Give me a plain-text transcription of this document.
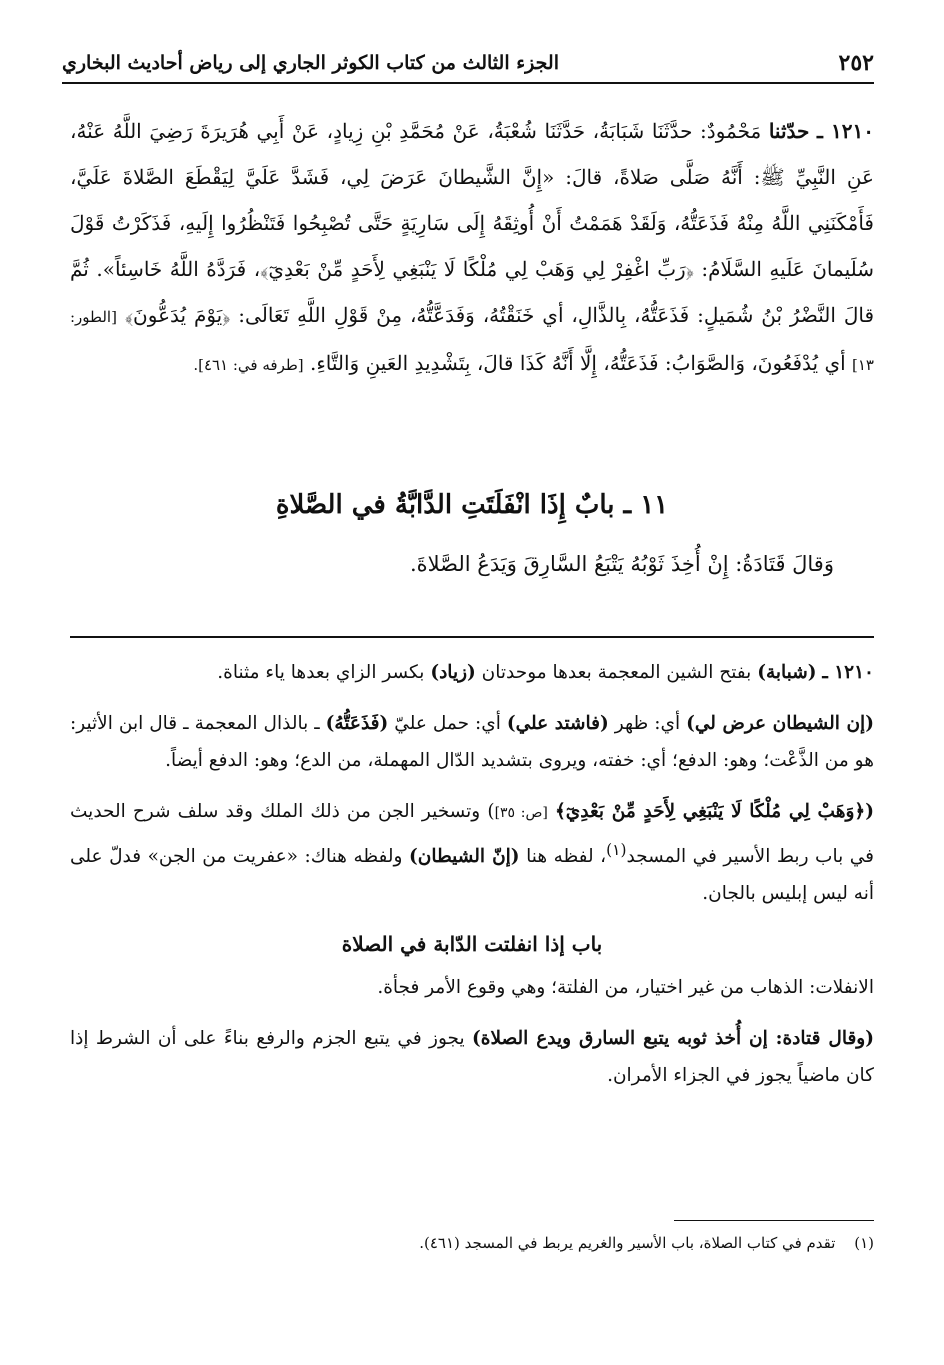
٢٥٢
الجزء الثالث من كتاب الكوثر الجاري إلى رياض أحاديث البخاري
١٢١٠ ـ حدّثنا مَحْمُودٌ: حدَّثَنَا شَبَابَةُ، حَدَّثَنَا شُعْبَةُ، عَنْ مُحَمَّدِ بْنِ زِيادٍ، عَنْ أَبِي هُرَيرَةَ رَضِيَ اللَّهُ عَنْهُ، عَنِ النَّبِيِّ ﷺ: أَنَّهُ صَلَّى صَلاةً، قالَ: «إِنَّ الشَّيطانَ عَرَضَ لِي، فَشَدَّ عَلَيَّ لِيَقْطَعَ الصَّلاةَ عَلَيَّ، فَأَمْكَنَنِي اللَّهُ مِنْهُ فَذَعَتُّهُ، وَلَقَدْ هَمَمْتُ أَنْ أُوثِقَهُ إِلَى سَارِيَةٍ حَتَّى تُصْبِحُوا فَتَنْظُرُوا إِلَيهِ، فَذَكَرْتُ قَوْلَ سُلَيمانَ عَلَيهِ السَّلَامُ: ﴿رَبِّ اغْفِرْ لِي وَهَبْ لِي مُلْكًا لَا يَنْبَغِي لِأَحَدٍ مِّنْ بَعْدِيٓ﴾، فَرَدَّهُ اللَّهُ خَاسِئاً». ثُمَّ قالَ النَّضْرُ بْنُ شُمَيلٍ: فَذَعَتُّهُ، بِالذَّالِ، أي خَنَقْتُهُ، وَفَدَعَّتُّهُ، مِنْ قَوْلِ اللَّهِ تَعَالَى: ﴿يَوْمَ يُدَعُّونَ﴾ [الطور: ١٣] أي يُدْفَعُونَ، وَالصَّوَابُ: فَذَعَتُّهُ، إِلَّا أَنَّهُ كَذَا قالَ، بِتَشْدِيدِ العَينِ وَالتَّاءِ. [طرفه في: ٤٦١].
١١ ـ بابٌ إِذَا انْفَلَتَتِ الدَّابَّةُ في الصَّلاةِ
وَقالَ قَتَادَةُ: إِنْ أُخِذَ ثَوْبُهُ يَتْبَعُ السَّارِقَ وَيَدَعُ الصَّلاةَ.

١٢١٠ ـ (شبابة) بفتح الشين المعجمة بعدها موحدتان (زياد) بكسر الزاي بعدها ياء مثناة.

(إن الشيطان عرض لي) أي: ظهر (فاشتد علي) أي: حمل عليّ (فَذَعَتُّهُ) ـ بالذال المعجمة ـ قال ابن الأثير: هو من الذَّعْت؛ وهو: الدفع؛ أي: خفته، ويروى بتشديد الدّال المهملة، من الدع؛ وهو: الدفع أيضاً.

(﴿وَهَبْ لِي مُلْكًا لَا يَنْبَغِي لِأَحَدٍ مِّنْ بَعْدِيٓ﴾ [ص: ٣٥]) وتسخير الجن من ذلك الملك وقد سلف شرح الحديث في باب ربط الأسير في المسجد$^{(١)}$، لفظه هنا (إنّ الشيطان) ولفظه هناك: «عفريت من الجن» فدلّ على أنه ليس إبليس بالجان.

باب إذا انفلتت الدّابة في الصلاة

الانفلات: الذهاب من غير اختيار، من الفلتة؛ وهي وقوع الأمر فجأة.

(وقال قتادة: إن أُخذ ثوبه يتبع السارق ويدع الصلاة) يجوز في يتبع الجزم والرفع بناءً على أن الشرط إذا كان ماضياً يجوز في الجزاء الأمران.

(١) تقدم في كتاب الصلاة، باب الأسير والغريم يربط في المسجد (٤٦١).
